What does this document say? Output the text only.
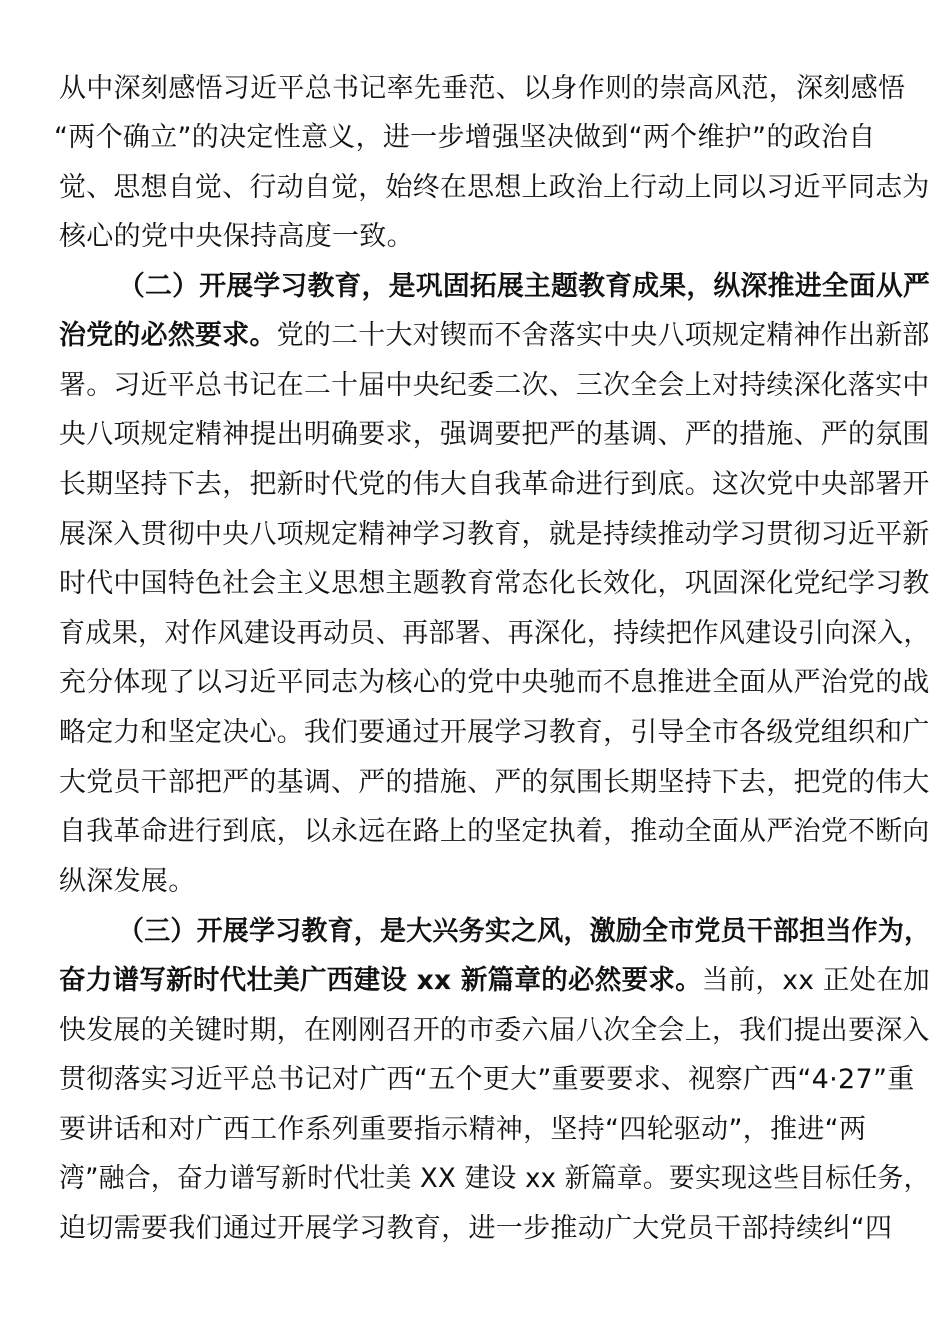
从中深刻感悟习近平总书记率先垂范、以身作则的崇高风范，深刻感悟
“两个确立”的决定性意义，进一步增强坚决做到“两个维护”的政治自
觉、思想自觉、行动自觉，始终在思想上政治上行动上同以习近平同志为
核心的党中央保持高度一致。
（二）开展学习教育，是巩固拓展主题教育成果，纵深推进全面从严
治党的必然要求。党的二十大对锲而不舍落实中央八项规定精神作出新部
署。习近平总书记在二十届中央纪委二次、三次全会上对持续深化落实中
央八项规定精神提出明确要求，强调要把严的基调、严的措施、严的氛围
长期坚持下去，把新时代党的伟大自我革命进行到底。这次党中央部署开
展深入贯彻中央八项规定精神学习教育，就是持续推动学习贯彻习近平新
时代中国特色社会主义思想主题教育常态化长效化，巩固深化党纪学习教
育成果，对作风建设再动员、再部署、再深化，持续把作风建设引向深入，
充分体现了以习近平同志为核心的党中央驰而不息推进全面从严治党的战
略定力和坚定决心。我们要通过开展学习教育，引导全市各级党组织和广
大党员干部把严的基调、严的措施、严的氛围长期坚持下去，把党的伟大
自我革命进行到底，以永远在路上的坚定执着，推动全面从严治党不断向
纵深发展。
（三）开展学习教育，是大兴务实之风，激励全市党员干部担当作为，
奋力谱写新时代壮美广西建设 xx 新篇章的必然要求。当前，xx 正处在加
快发展的关键时期，在刚刚召开的市委六届八次全会上，我们提出要深入
贯彻落实习近平总书记对广西“五个更大”重要要求、视察广西“4·27”重
要讲话和对广西工作系列重要指示精神，坚持“四轮驱动”，推进“两
湾”融合，奋力谱写新时代壮美 XX 建设 xx 新篇章。要实现这些目标任务，
迫切需要我们通过开展学习教育，进一步推动广大党员干部持续纠“四
